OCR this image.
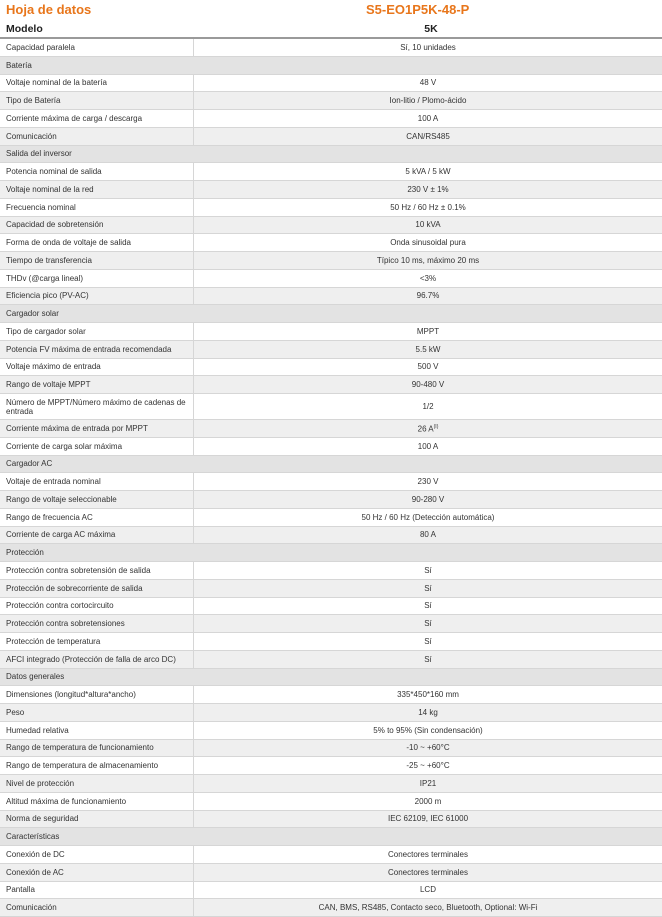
Hoja de datos	S5-EO1P5K-48-P
Modelo	5K
Capacidad paralela	Sí, 10 unidades
Batería
Voltaje nominal de la batería	48 V
Tipo de Batería	Ion-litio / Plomo-ácido
Corriente máxima de carga / descarga	100 A
Comunicación	CAN/RS485
Salida del inversor
Potencia nominal de salida	5 kVA / 5 kW
Voltaje nominal de la red	230 V ± 1%
Frecuencia nominal	50 Hz / 60 Hz ± 0.1%
Capacidad de sobretensión	10 kVA
Forma de onda de voltaje de salida	Onda sinusoidal pura
Tiempo de transferencia	Típico 10 ms, máximo 20 ms
THDv (@carga lineal)	<3%
Eficiencia pico (PV-AC)	96.7%
Cargador solar
Tipo de cargador solar	MPPT
Potencia FV máxima de entrada recomendada	5.5 kW
Voltaje máximo de entrada	500 V
Rango de voltaje MPPT	90-480 V
Número de MPPT/Número máximo de cadenas de entrada	1/2
Corriente máxima de entrada por MPPT	26 $A^{(I)}$
Corriente de carga solar máxima	100 A
Cargador AC
Voltaje de entrada nominal	230 V
Rango de voltaje seleccionable	90-280 V
Rango de frecuencia AC	50 Hz / 60 Hz (Detección automática)
Corriente de carga AC máxima	80 A
Protección
Protección contra sobretensión de salida	Sí
Protección de sobrecorriente de salida	Sí
Protección contra cortocircuito	Sí
Protección contra sobretensiones	Sí
Protección de temperatura	Sí
AFCI integrado (Protección de falla de arco DC)	Sí
Datos generales
Dimensiones (longitud*altura*ancho)	335*450*160 mm
Peso	14 kg
Humedad relativa	5% to 95% (Sin condensación)
Rango de temperatura de funcionamiento	-10 ~ +60°C
Rango de temperatura de almacenamiento	-25 ~ +60°C
Nivel de protección	IP21
Altitud máxima de funcionamiento	2000 m
Norma de seguridad	IEC 62109, IEC 61000
Características
Conexión de DC	Conectores terminales
Conexión de AC	Conectores terminales
Pantalla	LCD
Comunicación	CAN, BMS, RS485, Contacto seco, Bluetooth, Optional: Wi-Fi
